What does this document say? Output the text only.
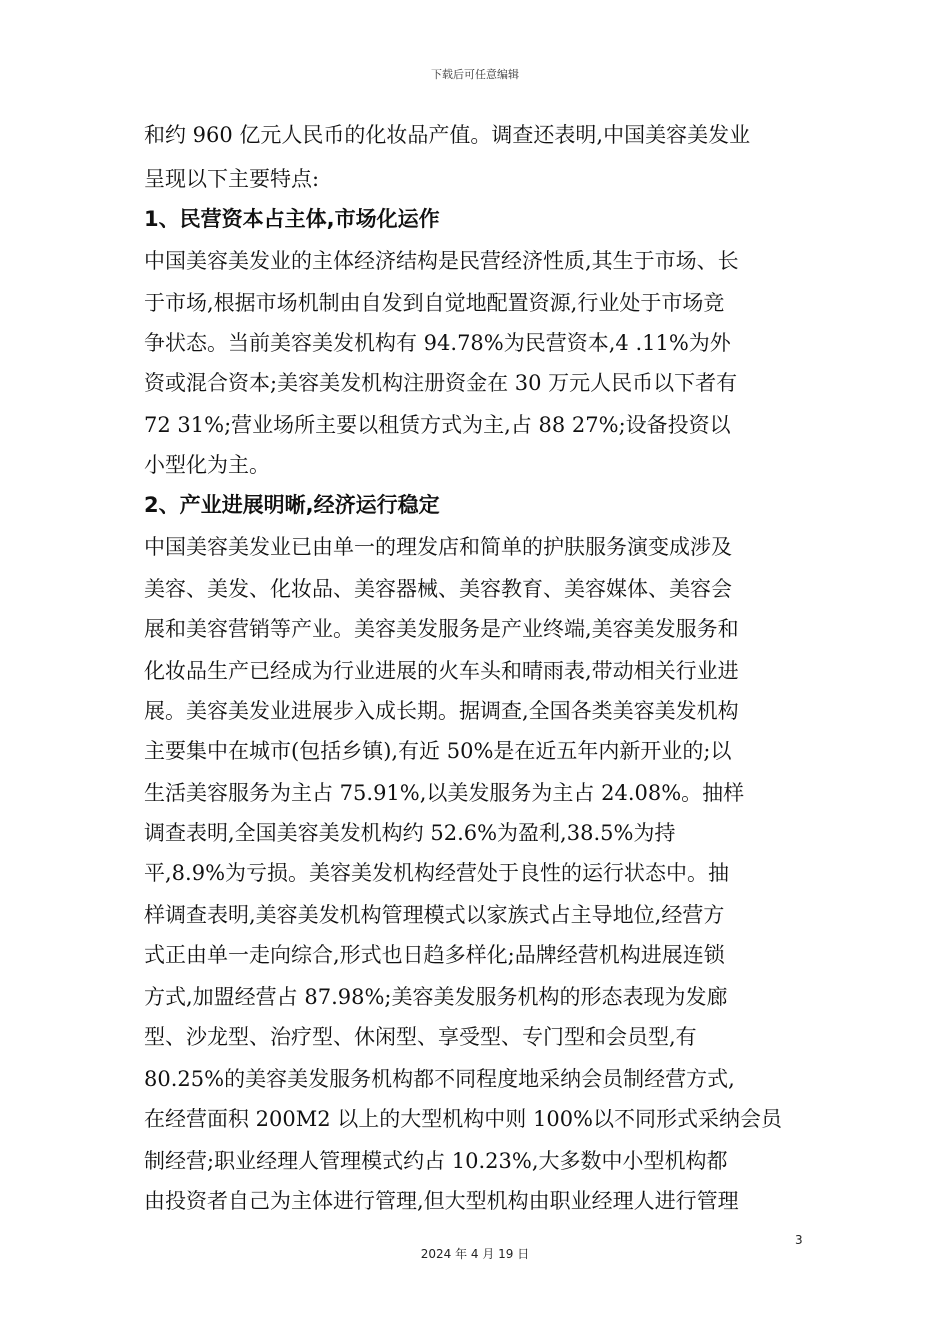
下载后可任意编辑
和约 960 亿元人民币的化妆品产值。调查还表明,中国美容美发业
呈现以下主要特点:
1、民营资本占主体,市场化运作
中国美容美发业的主体经济结构是民营经济性质,其生于市场、长
于市场,根据市场机制由自发到自觉地配置资源,行业处于市场竞
争状态。当前美容美发机构有 94.78%为民营资本,4 .11%为外
资或混合资本;美容美发机构注册资金在 30 万元人民币以下者有
72 31%;营业场所主要以租赁方式为主,占 88 27%;设备投资以
小型化为主。
2、产业进展明晰,经济运行稳定
中国美容美发业已由单一的理发店和简单的护肤服务演变成涉及
美容、美发、化妆品、美容器械、美容教育、美容媒体、美容会
展和美容营销等产业。美容美发服务是产业终端,美容美发服务和
化妆品生产已经成为行业进展的火车头和晴雨表,带动相关行业进
展。美容美发业进展步入成长期。据调查,全国各类美容美发机构
主要集中在城市(包括乡镇),有近 50%是在近五年内新开业的;以
生活美容服务为主占 75.91%,以美发服务为主占 24.08%。抽样
调查表明,全国美容美发机构约 52.6%为盈利,38.5%为持
平,8.9%为亏损。美容美发机构经营处于良性的运行状态中。抽
样调查表明,美容美发机构管理模式以家族式占主导地位,经营方
式正由单一走向综合,形式也日趋多样化;品牌经营机构进展连锁
方式,加盟经营占 87.98%;美容美发服务机构的形态表现为发廊
型、沙龙型、治疗型、休闲型、享受型、专门型和会员型,有
80.25%的美容美发服务机构都不同程度地采纳会员制经营方式,
在经营面积 200M2 以上的大型机构中则 100%以不同形式采纳会员
制经营;职业经理人管理模式约占 10.23%,大多数中小型机构都
由投资者自己为主体进行管理,但大型机构由职业经理人进行管理
3
2024 年 4 月 19 日
